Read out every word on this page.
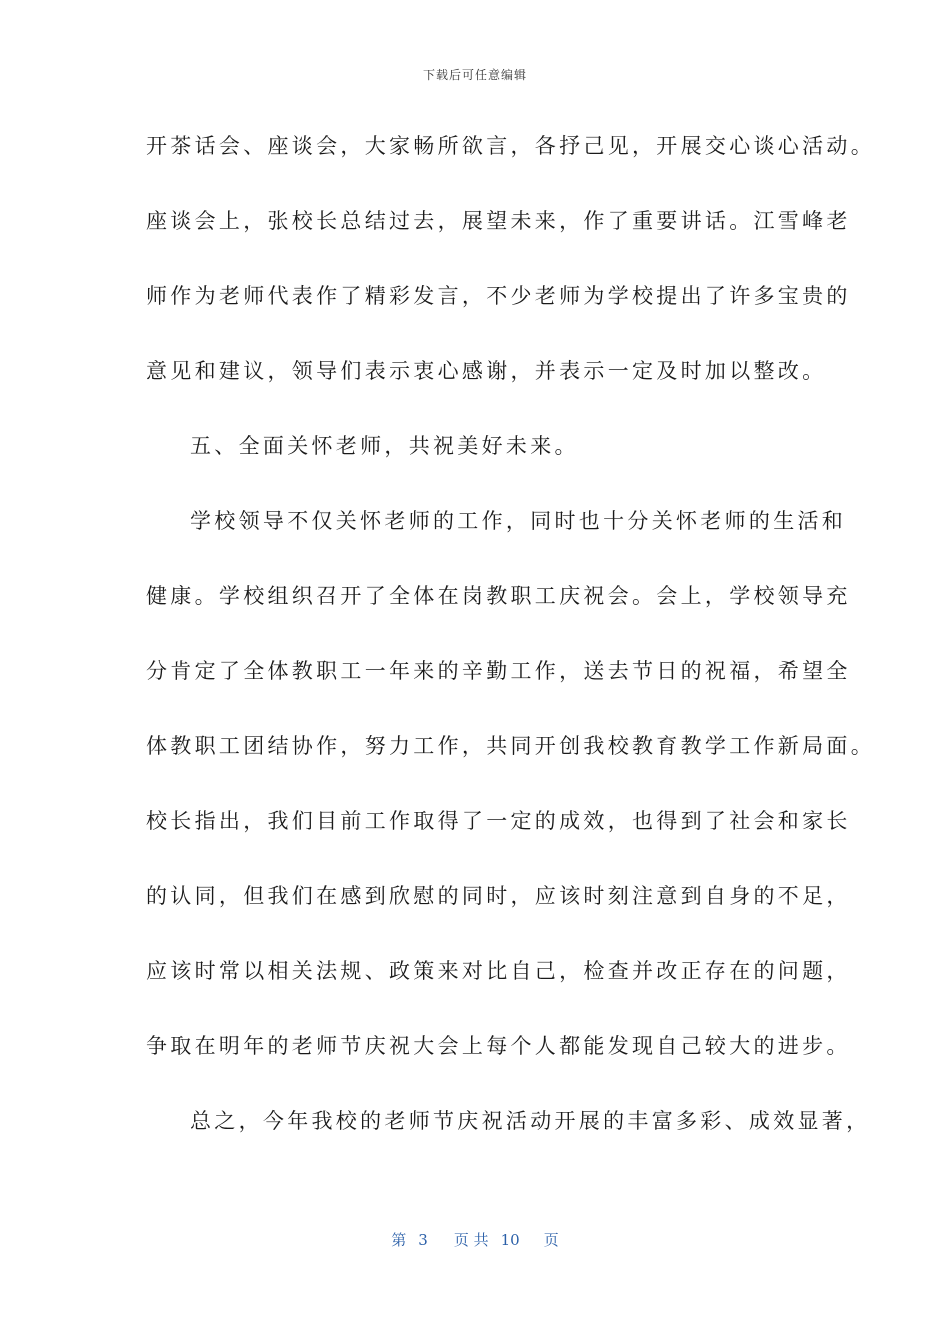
下载后可任意编辑
开茶话会、座谈会，大家畅所欲言，各抒己见，开展交心谈心活动。
座谈会上，张校长总结过去，展望未来，作了重要讲话。江雪峰老
师作为老师代表作了精彩发言，不少老师为学校提出了许多宝贵的
意见和建议，领导们表示衷心感谢，并表示一定及时加以整改。
五、全面关怀老师，共祝美好未来。
学校领导不仅关怀老师的工作，同时也十分关怀老师的生活和
健康。学校组织召开了全体在岗教职工庆祝会。会上，学校领导充
分肯定了全体教职工一年来的辛勤工作，送去节日的祝福，希望全
体教职工团结协作，努力工作，共同开创我校教育教学工作新局面。
校长指出，我们目前工作取得了一定的成效，也得到了社会和家长
的认同，但我们在感到欣慰的同时，应该时刻注意到自身的不足，
应该时常以相关法规、政策来对比自己，检查并改正存在的问题，
争取在明年的老师节庆祝大会上每个人都能发现自己较大的进步。
总之，今年我校的老师节庆祝活动开展的丰富多彩、成效显著，
第 3 页 共 10 页
